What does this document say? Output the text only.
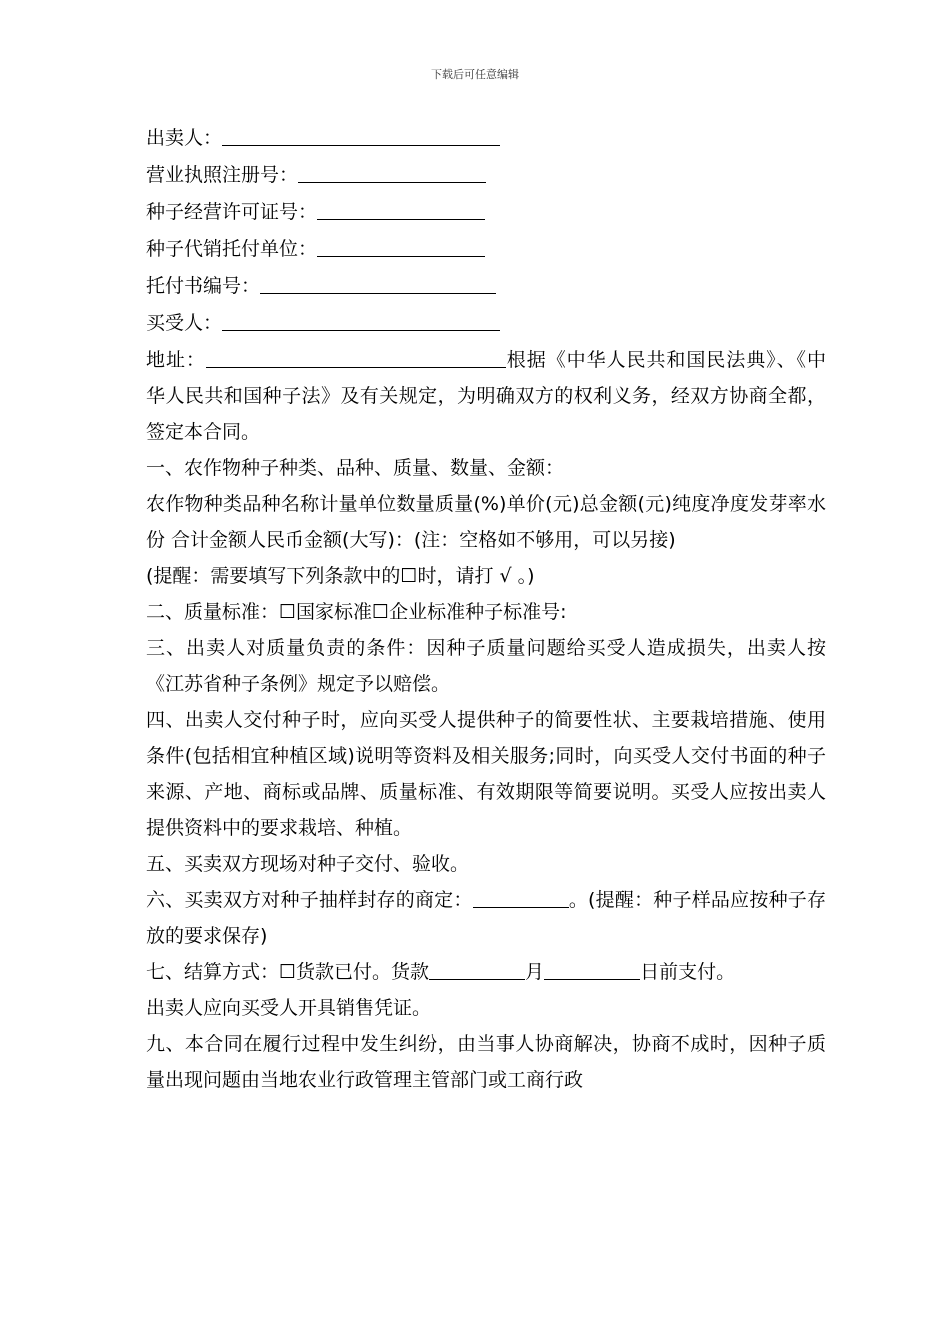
下载后可任意编辑
出卖人：
营业执照注册号：
种子经营许可证号：
种子代销托付单位：
托付书编号：
买受人：
地址：	根据《中华人民共和国民法典》、《中华人民共和国种子法》及有关规定，为明确双方的权利义务，经双方协商全都，签定本合同。
一、农作物种子种类、品种、质量、数量、金额：
农作物种类品种名称计量单位数量质量(%)单价(元)总金额(元)纯度净度发芽率水份 合计金额人民币金额(大写)：(注：空格如不够用，可以另接)
(提醒：需要填写下列条款中的☐时，请打 √ 。)
二、质量标准：☐国家标准☐企业标准种子标准号:
三、出卖人对质量负责的条件：因种子质量问题给买受人造成损失，出卖人按《江苏省种子条例》规定予以赔偿。
四、出卖人交付种子时，应向买受人提供种子的简要性状、主要栽培措施、使用条件(包括相宜种植区域)说明等资料及相关服务;同时，向买受人交付书面的种子来源、产地、商标或品牌、质量标准、有效期限等简要说明。买受人应按出卖人提供资料中的要求栽培、种植。
五、买卖双方现场对种子交付、验收。
六、买卖双方对种子抽样封存的商定：	。(提醒：种子样品应按种子存放的要求保存)
七、结算方式：☐货款已付。货款	月	日前支付。
出卖人应向买受人开具销售凭证。
九、本合同在履行过程中发生纠纷，由当事人协商解决，协商不成时，因种子质量出现问题由当地农业行政管理主管部门或工商行政
